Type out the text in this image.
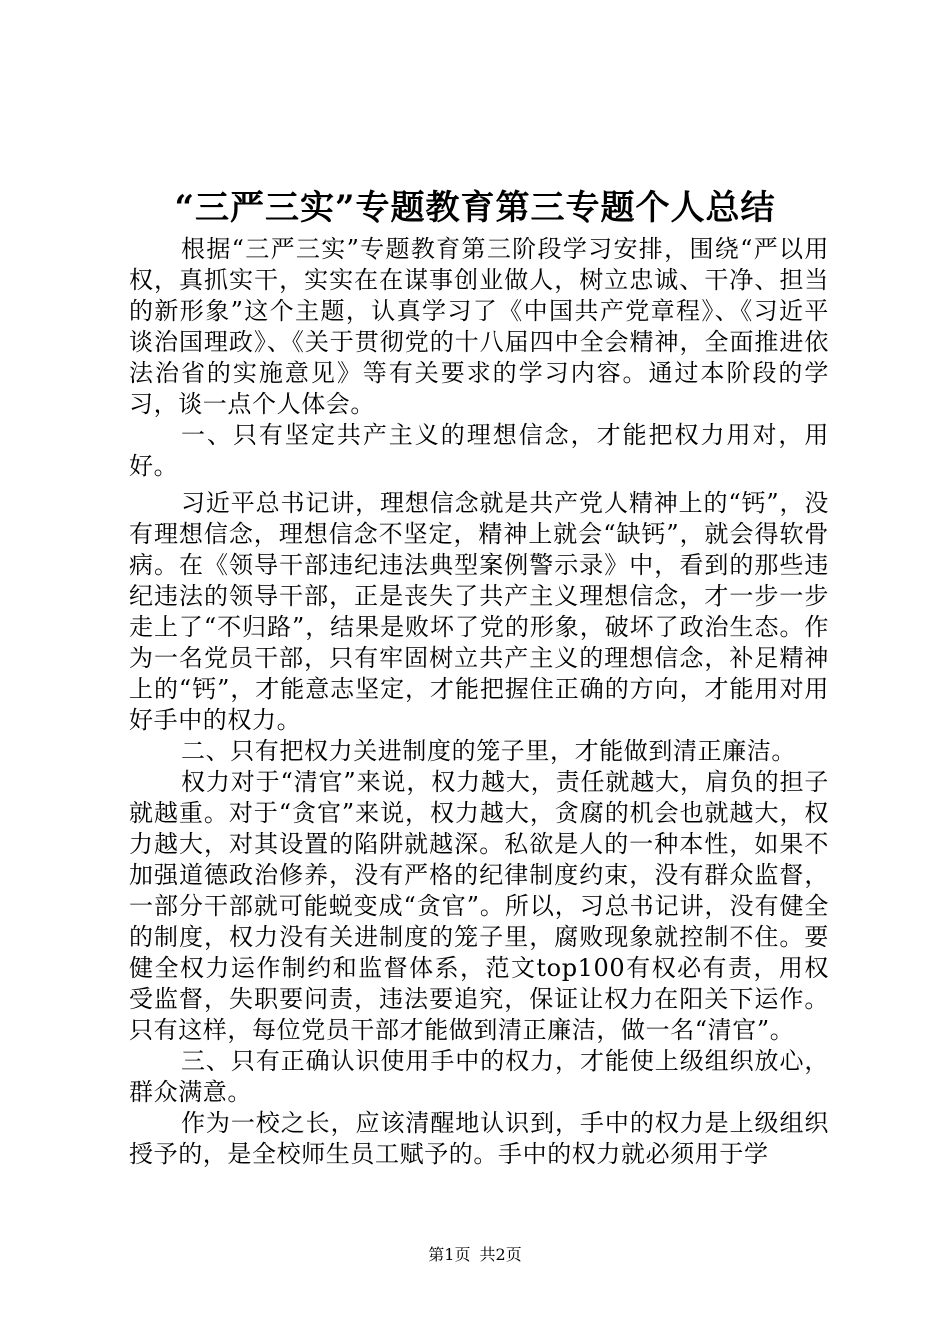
“三严三实”专题教育第三专题个人总结

根据“三严三实”专题教育第三阶段学习安排，围绕“严以用权，真抓实干，实实在在谋事创业做人，树立忠诚、干净、担当的新形象”这个主题，认真学习了《中国共产党章程》、《习近平谈治国理政》、《关于贯彻党的十八届四中全会精神，全面推进依法治省的实施意见》等有关要求的学习内容。通过本阶段的学习，谈一点个人体会。

一、只有坚定共产主义的理想信念，才能把权力用对，用好。

习近平总书记讲，理想信念就是共产党人精神上的“钙”，没有理想信念，理想信念不坚定，精神上就会“缺钙”，就会得软骨病。在《领导干部违纪违法典型案例警示录》中，看到的那些违纪违法的领导干部，正是丧失了共产主义理想信念，才一步一步走上了“不归路”，结果是败坏了党的形象，破坏了政治生态。作为一名党员干部，只有牢固树立共产主义的理想信念，补足精神上的“钙”，才能意志坚定，才能把握住正确的方向，才能用对用好手中的权力。

二、只有把权力关进制度的笼子里，才能做到清正廉洁。

权力对于“清官”来说，权力越大，责任就越大，肩负的担子就越重。对于“贪官”来说，权力越大，贪腐的机会也就越大，权力越大，对其设置的陷阱就越深。私欲是人的一种本性，如果不加强道德政治修养，没有严格的纪律制度约束，没有群众监督，一部分干部就可能蜕变成“贪官”。所以，习总书记讲，没有健全的制度，权力没有关进制度的笼子里，腐败现象就控制不住。要健全权力运作制约和监督体系，范文top100有权必有责，用权受监督，失职要问责，违法要追究，保证让权力在阳关下运作。只有这样，每位党员干部才能做到清正廉洁，做一名“清官”。

三、只有正确认识使用手中的权力，才能使上级组织放心，群众满意。

作为一校之长，应该清醒地认识到，手中的权力是上级组织授予的，是全校师生员工赋予的。手中的权力就必须用于学

第1页 共2页
